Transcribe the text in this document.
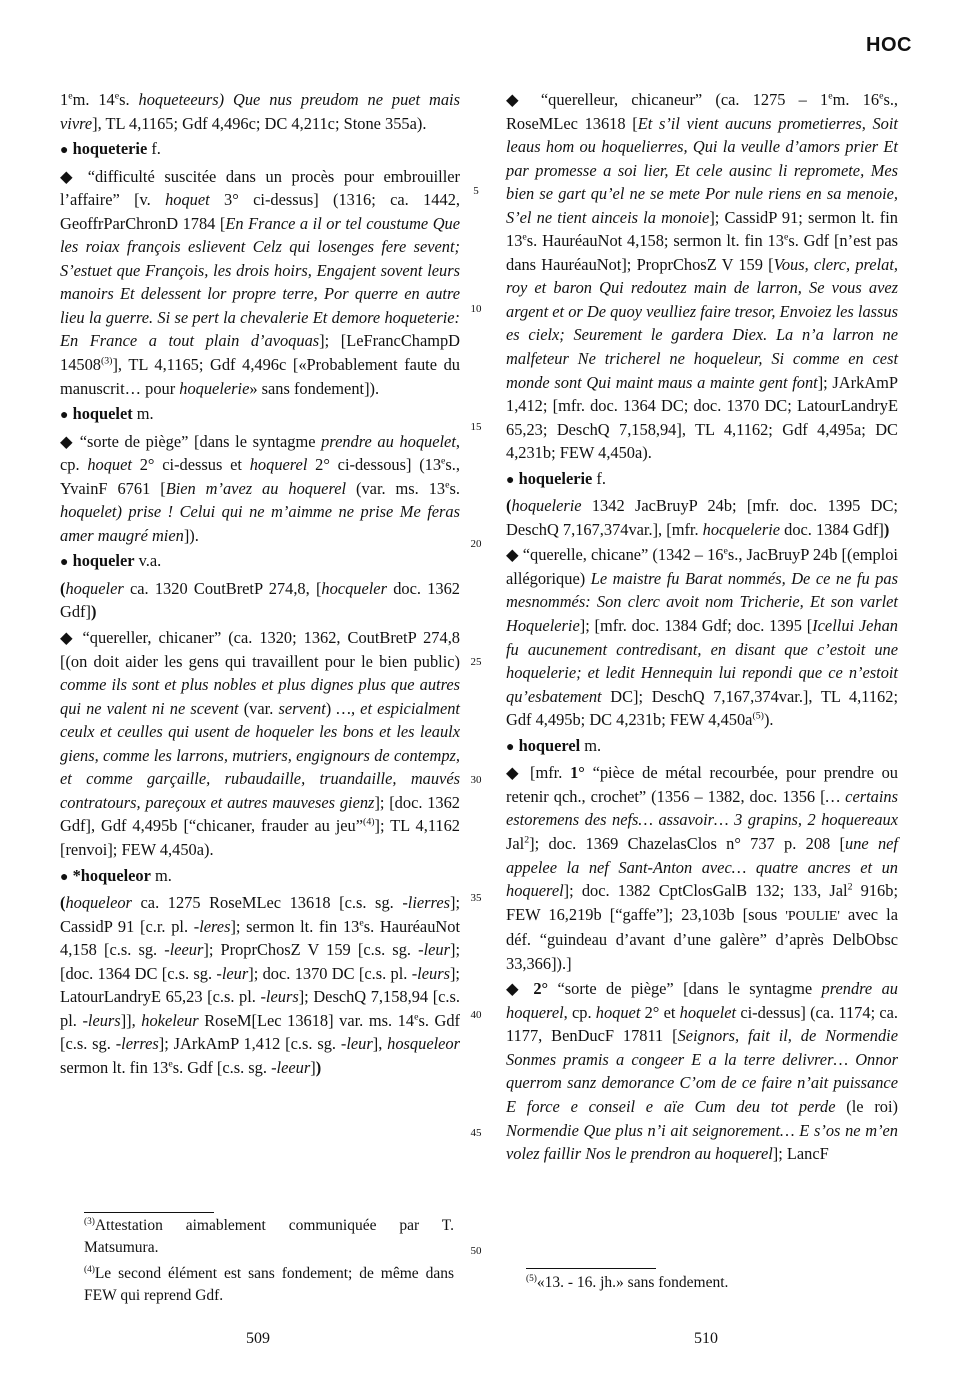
HOC

1em. 14es. hoqueteeurs) Que nus preudom ne puet mais vivre], TL 4,1165; Gdf 4,496c; DC 4,211c; Stone 355a).

● hoqueterie f.

◆ “difficulté suscitée dans un procès pour embrouiller l’affaire” [v. hoquet 3° ci-dessus] (1316; ca. 1442, GeoffrParChronD 1784 [En France a il or tel coustume Que les roiax françois eslievent Celz qui losenges fere sevent; S’estuet que François, les drois hoirs, Engajent sovent leurs manoirs Et delessent lor propre terre, Por querre en autre lieu la guerre. Si se pert la chevalerie Et demore hoqueterie: En France a tout plain d’avoquas]; [LeFrancChampD 14508$^{(3)}$], TL 4,1165; Gdf 4,496c [«Probablement faute du manuscrit… pour hoquelerie» sans fondement]).

● hoquelet m.

◆ “sorte de piège” [dans le syntagme prendre au hoquelet, cp. hoquet 2° ci-dessus et hoquerel 2° ci-dessous] (13es., YvainF 6761 [Bien m’avez au hoquerel (var. ms. 13es. hoquelet) prise ! Celui qui ne m’aimme ne prise Me feras amer maugré mien]).

● hoqueler v.a.

(hoqueler ca. 1320 CoutBretP 274,8, [hocqueler doc. 1362 Gdf])

◆ “quereller, chicaner” (ca. 1320; 1362, CoutBretP 274,8 [(on doit aider les gens qui travaillent pour le bien public) comme ils sont et plus nobles et plus dignes plus que autres qui ne valent ni ne scevent (var. servent) …, et espicialment ceulx et ceulles qui usent de hoqueler les bons et les leaulx giens, comme les larrons, mutriers, engignours de contempz, et comme garçaille, rubaudaille, truandaille, mauvés contratours, pareçoux et autres mauveses gienz]; [doc. 1362 Gdf], Gdf 4,495b [“chicaner, frauder au jeu”$^{(4)}$]; TL 4,1162 [renvoi]; FEW 4,450a).

● *hoqueleor m.

(hoqueleor ca. 1275 RoseMLec 13618 [c.s. sg. -lierres]; CassidP 91 [c.r. pl. -leres]; sermon lt. fin 13es. HauréauNot 4,158 [c.s. sg. -leeur]; ProprChosZ V 159 [c.s. sg. -leur]; [doc. 1364 DC [c.s. sg. -leur]; doc. 1370 DC [c.s. pl. -leurs]; LatourLandryE 65,23 [c.s. pl. -leurs]; DeschQ 7,158,94 [c.s. pl. -leurs]], hokeleur RoseM[Lec 13618] var. ms. 14es. Gdf [c.s. sg. -lerres]; JArkAmP 1,412 [c.s. sg. -leur], hosqueleor sermon lt. fin 13es. Gdf [c.s. sg. -leeur])

5
10
15
20
25
30
35
40
45
50

◆ “querelleur, chicaneur” (ca. 1275 – 1em. 16es., RoseMLec 13618 [Et s’il vient aucuns prometierres, Soit leaus hom ou hoquelierres, Qui la veulle d’amors prier Et par promesse a soi lier, Et cele ausinc li repromete, Mes bien se gart qu’el ne se mete Por nule riens en sa menoie, S’el ne tient ainceis la monoie]; CassidP 91; sermon lt. fin 13es. HauréauNot 4,158; sermon lt. fin 13es. Gdf [n’est pas dans HauréauNot]; ProprChosZ V 159 [Vous, clerc, prelat, roy et baron Qui redoutez main de larron, Se vous avez argent et or De quoy veulliez faire tresor, Envoiez les lassus es cielx; Seurement le gardera Diex. La n’a larron ne malfeteur Ne tricherel ne hoqueleur, Si comme en cest monde sont Qui maint maus a mainte gent font]; JArkAmP 1,412; [mfr. doc. 1364 DC; doc. 1370 DC; LatourLandryE 65,23; DeschQ 7,158,94], TL 4,1162; Gdf 4,495a; DC 4,231b; FEW 4,450a).

● hoquelerie f.

(hoquelerie 1342 JacBruyP 24b; [mfr. doc. 1395 DC; DeschQ 7,167,374var.], [mfr. hocquelerie doc. 1384 Gdf])

◆ “querelle, chicane” (1342 – 16es., JacBruyP 24b [(emploi allégorique) Le maistre fu Barat nommés, De ce ne fu pas mesnommés: Son clerc avoit nom Tricherie, Et son varlet Hoquelerie]; [mfr. doc. 1384 Gdf; doc. 1395 [Icellui Jehan fu aucunement contredisant, en disant que c’estoit une hoquelerie; et ledit Hennequin lui repondi que ce n’estoit qu’esbatement DC]; DeschQ 7,167,374var.], TL 4,1162; Gdf 4,495b; DC 4,231b; FEW $4,450a^{(5)}$).

● hoquerel m.

◆ [mfr. 1° “pièce de métal recourbée, pour prendre ou retenir qch., crochet” (1356 – 1382, doc. 1356 [… certains estoremens des nefs… assavoir… 3 grapins, 2 hoquereaux Jal$^2$]; doc. 1369 ChazelasClos n° 737 p. 208 [une nef appelee la nef Sant-Anton avec… quatre ancres et un hoquerel]; doc. 1382 CptClosGalB 132; 133, Jal$^2$ 916b; FEW 16,219b [“gaffe”]; 23,103b [sous 'POULIE' avec la déf. “guindeau d’avant d’une galère” d’après DelbObsc 33,366]).]

◆ 2° “sorte de piège” [dans le syntagme prendre au hoquerel, cp. hoquet 2° et hoquelet ci-dessus] (ca. 1174; ca. 1177, BenDucF 17811 [Seignors, fait il, de Normendie Sonmes pramis a congeer E a la terre delivrer… Onnor querrom sanz demorance C’om de ce faire n’ait puissance E force e conseil e aïe Cum deu tot perde (le roi) Normendie Que plus n’i ait seignorement… E s’os ne m’en volez faillir Nos le prendron au hoquerel]; LancF

$^{(3)}$Attestation aimablement communiquée par T. Matsumura.

$^{(4)}$Le second élément est sans fondement; de même dans FEW qui reprend Gdf.

$^{(5)}$«13. - 16. jh.» sans fondement.

509	510
